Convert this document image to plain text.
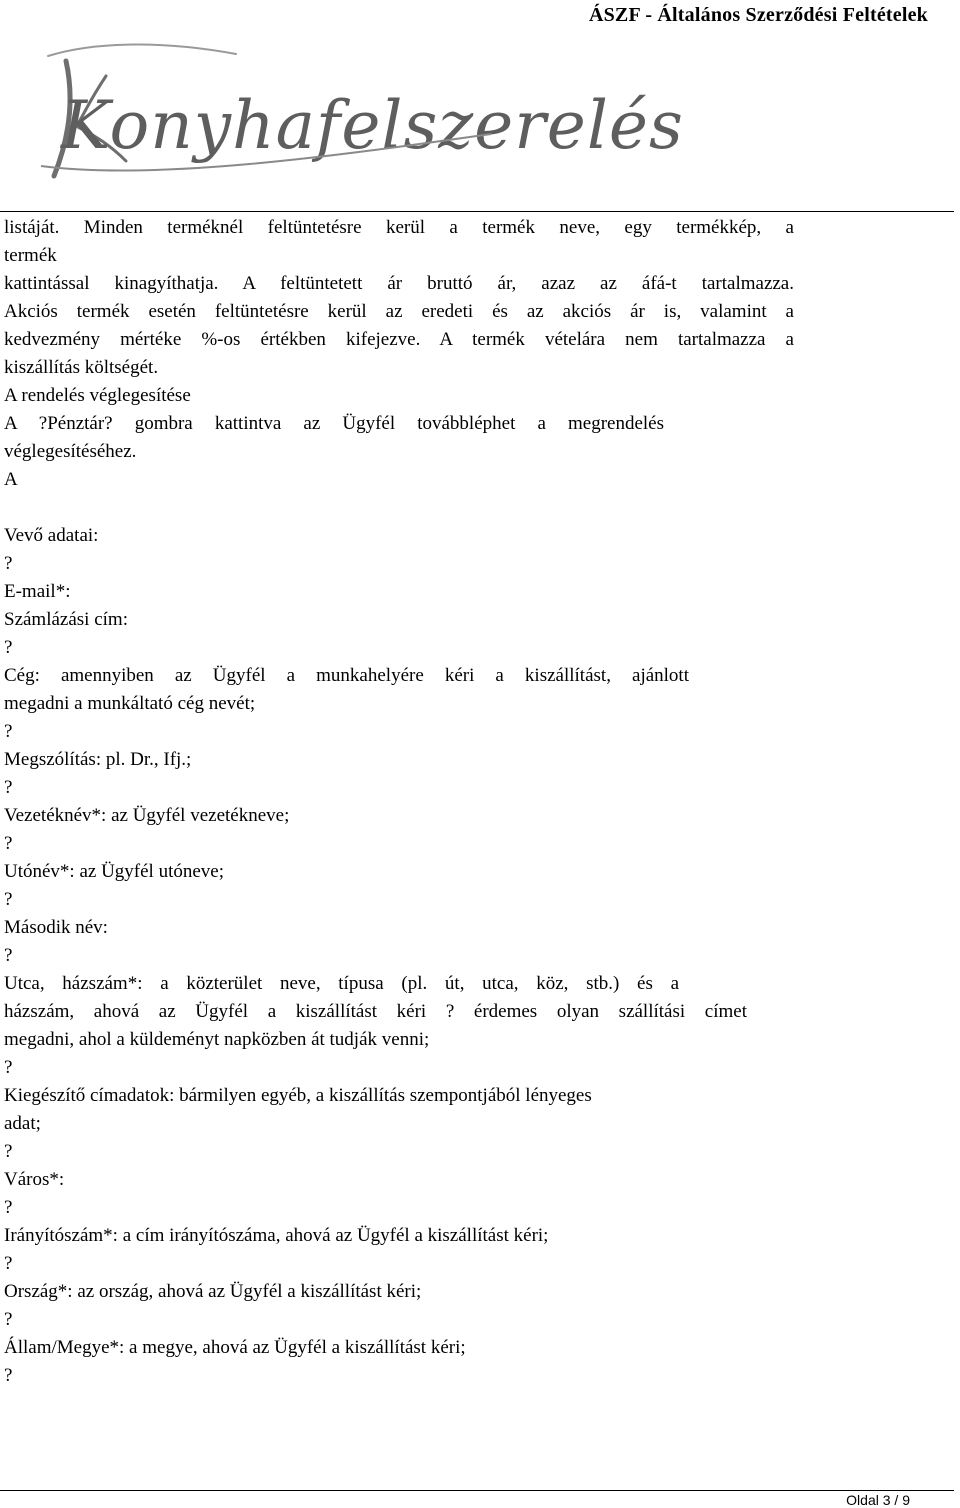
ÁSZF - Általános Szerződési Feltételek
Konyhafelszerelés
listáját. Minden terméknél feltüntetésre kerül a termék neve, egy termékkép, a
termék
kattintással kinagyíthatja. A feltüntetett ár bruttó ár, azaz az áfá-t tartalmazza.
Akciós termék esetén feltüntetésre kerül az eredeti és az akciós ár is, valamint a
kedvezmény mértéke %-os értékben kifejezve. A termék vételára nem tartalmazza a
kiszállítás költségét.
A rendelés véglegesítése
A ?Pénztár? gombra kattintva az Ügyfél továbbléphet a megrendelés
véglegesítéséhez.
A
Vevő adatai:
?
E-mail*:
Számlázási cím:
?
Cég: amennyiben az Ügyfél a munkahelyére kéri a kiszállítást, ajánlott
megadni a munkáltató cég nevét;
?
Megszólítás: pl. Dr., Ifj.;
?
Vezetéknév*: az Ügyfél vezetékneve;
?
Utónév*: az Ügyfél utóneve;
?
Második név:
?
Utca, házszám*: a közterület neve, típusa (pl. út, utca, köz, stb.) és a
házszám, ahová az Ügyfél a kiszállítást kéri ? érdemes olyan szállítási címet
megadni, ahol a küldeményt napközben át tudják venni;
?
Kiegészítő címadatok: bármilyen egyéb, a kiszállítás szempontjából lényeges
adat;
?
Város*:
?
Irányítószám*: a cím irányítószáma, ahová az Ügyfél a kiszállítást kéri;
?
Ország*: az ország, ahová az Ügyfél a kiszállítást kéri;
?
Állam/Megye*: a megye, ahová az Ügyfél a kiszállítást kéri;
?
Oldal 3 / 9
